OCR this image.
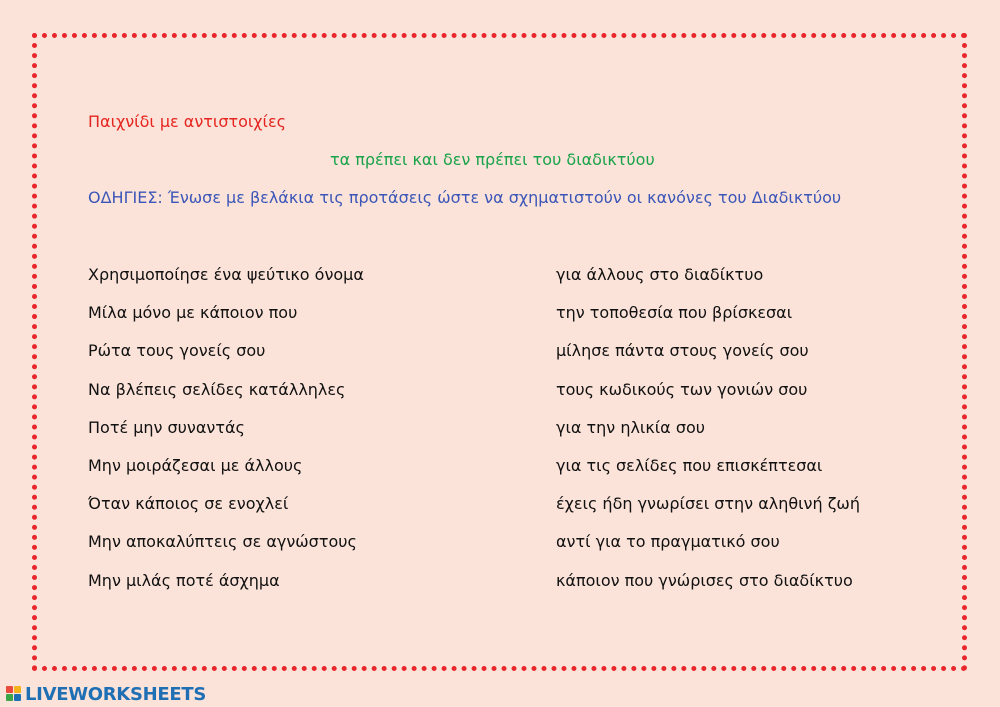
Παιχνίδι με αντιστοιχίες
τα πρέπει και δεν πρέπει του διαδικτύου
ΟΔΗΓΙΕΣ: Ένωσε με βελάκια τις προτάσεις ώστε να σχηματιστούν οι κανόνες του Διαδικτύου
Χρησιμοποίησε ένα ψεύτικο όνομα
Μίλα μόνο με κάποιον που
Ρώτα τους γονείς σου
Να βλέπεις σελίδες κατάλληλες
Ποτέ μην συναντάς
Μην μοιράζεσαι με άλλους
Όταν κάποιος σε ενοχλεί
Μην αποκαλύπτεις σε αγνώστους
Μην μιλάς ποτέ άσχημα
για άλλους στο διαδίκτυο
την τοποθεσία που βρίσκεσαι
μίλησε πάντα στους γονείς σου
τους κωδικούς των γονιών σου
για την ηλικία σου
για τις σελίδες που επισκέπτεσαι
έχεις ήδη γνωρίσει στην αληθινή ζωή
αντί για το πραγματικό σου
κάποιον που γνώρισες στο διαδίκτυο
LIVEWORKSHEETS
